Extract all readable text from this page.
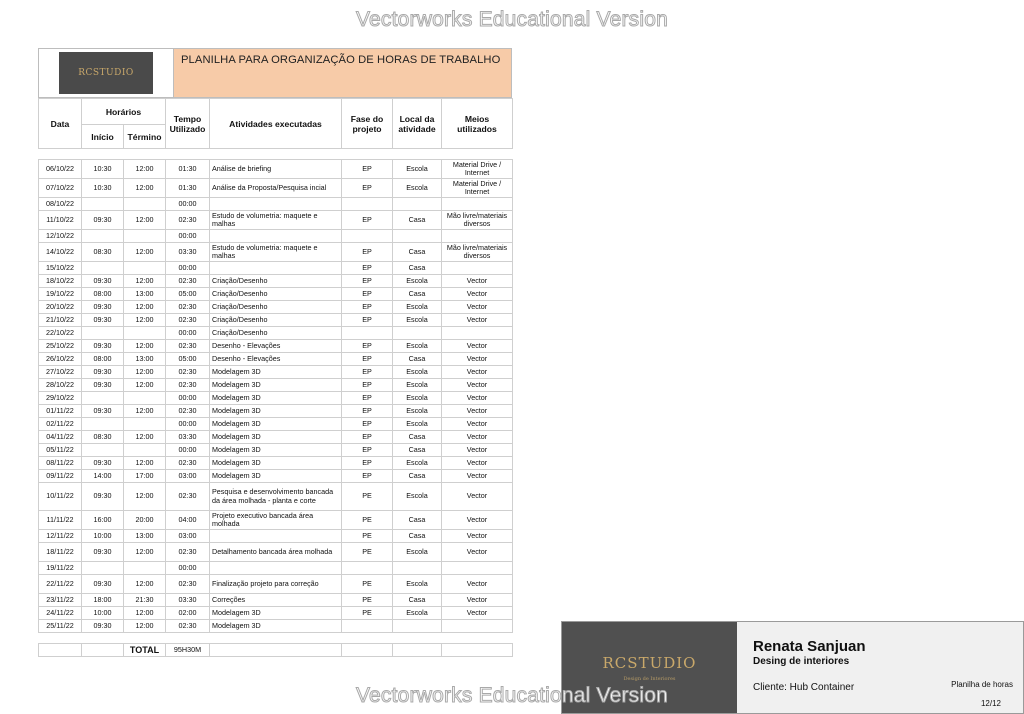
Vectorworks Educational Version
RCSTUDIO
PLANILHA PARA ORGANIZAÇÃO DE HORAS DE TRABALHO
Data	Horários		Tempo Utilizado	Atividades executadas	Fase do projeto	Local da atividade	Meios utilizados
	Início	Término					

06/10/22	10:30	12:00	01:30	Análise de briefing	EP	Escola	Material Drive / Internet
07/10/22	10:30	12:00	01:30	Análise da Proposta/Pesquisa incial	EP	Escola	Material Drive / Internet
08/10/22			00:00				
11/10/22	09:30	12:00	02:30	Estudo de volumetria: maquete e malhas	EP	Casa	Mão livre/materiais diversos
12/10/22			00:00				
14/10/22	08:30	12:00	03:30	Estudo de volumetria: maquete e malhas	EP	Casa	Mão livre/materiais diversos
15/10/22			00:00		EP	Casa	
18/10/22	09:30	12:00	02:30	Criação/Desenho	EP	Escola	Vector
19/10/22	08:00	13:00	05:00	Criação/Desenho	EP	Casa	Vector
20/10/22	09:30	12:00	02:30	Criação/Desenho	EP	Escola	Vector
21/10/22	09:30	12:00	02:30	Criação/Desenho	EP	Escola	Vector
22/10/22			00:00	Criação/Desenho			
25/10/22	09:30	12:00	02:30	Desenho - Elevações	EP	Escola	Vector
26/10/22	08:00	13:00	05:00	Desenho - Elevações	EP	Casa	Vector
27/10/22	09:30	12:00	02:30	Modelagem 3D	EP	Escola	Vector
28/10/22	09:30	12:00	02:30	Modelagem 3D	EP	Escola	Vector
29/10/22			00:00	Modelagem 3D	EP	Escola	Vector
01/11/22	09:30	12:00	02:30	Modelagem 3D	EP	Escola	Vector
02/11/22			00:00	Modelagem 3D	EP	Escola	Vector
04/11/22	08:30	12:00	03:30	Modelagem 3D	EP	Casa	Vector
05/11/22			00:00	Modelagem 3D	EP	Casa	Vector
08/11/22	09:30	12:00	02:30	Modelagem 3D	EP	Escola	Vector
09/11/22	14:00	17:00	03:00	Modelagem 3D	EP	Casa	Vector
10/11/22	09:30	12:00	02:30	Pesquisa e desenvolvimento bancada da área molhada - planta e corte	PE	Escola	Vector
11/11/22	16:00	20:00	04:00	Projeto executivo bancada área molhada	PE	Casa	Vector
12/11/22	10:00	13:00	03:00		PE	Casa	Vector
18/11/22	09:30	12:00	02:30	Detalhamento bancada área molhada	PE	Escola	Vector
19/11/22			00:00				
22/11/22	09:30	12:00	02:30	Finalização projeto para correção	PE	Escola	Vector
23/11/22	18:00	21:30	03:30	Correções	PE	Casa	Vector
24/11/22	10:00	12:00	02:00	Modelagem 3D	PE	Escola	Vector
25/11/22	09:30	12:00	02:30	Modelagem 3D			

		TOTAL	95H30M				
RCSTUDIO
Design de Interiores
Renata Sanjuan
Desing de interiores
Cliente: Hub Container	Planilha de horas
12/12
Vectorworks Educational Version
